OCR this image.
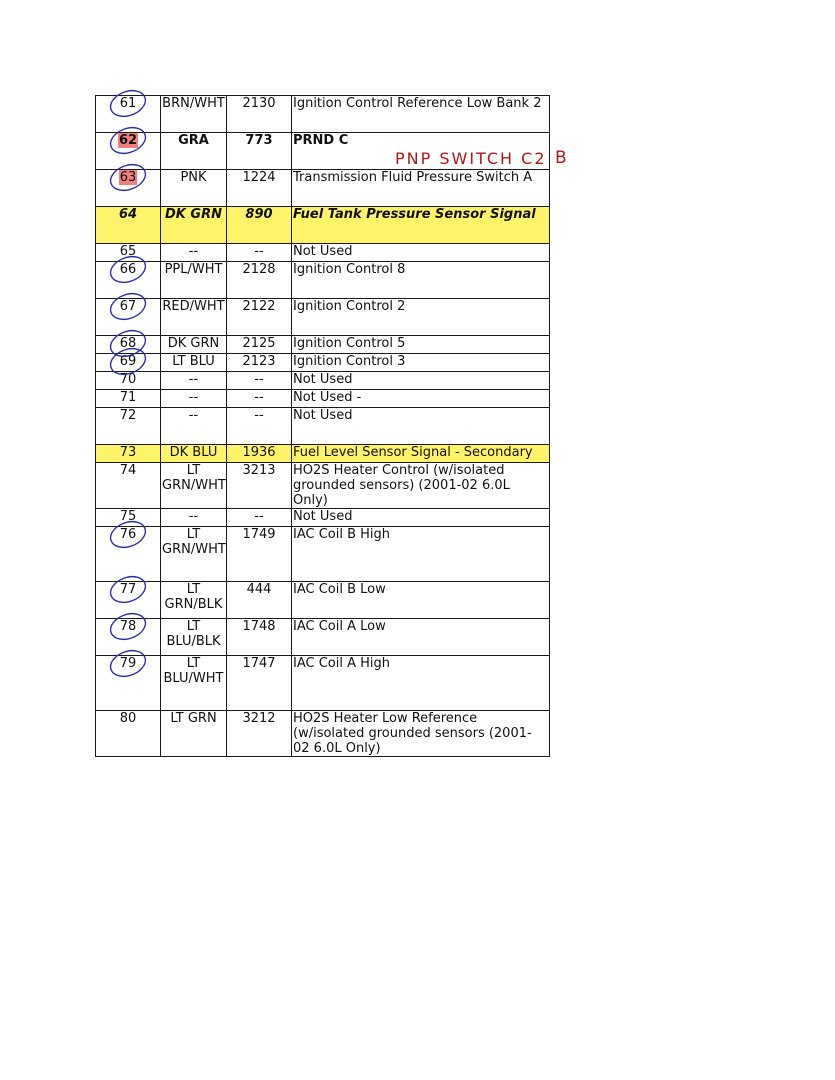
61	BRN/WHT	2130	Ignition Control Reference Low Bank 2
62	GRA	773	PRND C
63	PNK	1224	Transmission Fluid Pressure Switch A
64	DK GRN	890	Fuel Tank Pressure Sensor Signal
65	--	--	Not Used
66	PPL/WHT	2128	Ignition Control 8
67	RED/WHT	2122	Ignition Control 2
68	DK GRN	2125	Ignition Control 5
69	LT BLU	2123	Ignition Control 3
70	--	--	Not Used
71	--	--	Not Used -
72	--	--	Not Used
73	DK BLU	1936	Fuel Level Sensor Signal - Secondary
74	LT GRN/WHT	3213	HO2S Heater Control (w/isolated grounded sensors) (2001-02 6.0L Only)
75	--	--	Not Used
76	LT GRN/WHT	1749	IAC Coil B High
77	LT GRN/BLK	444	IAC Coil B Low
78	LT BLU/BLK	1748	IAC Coil A Low
79	LT BLU/WHT	1747	IAC Coil A High
80	LT GRN	3212	HO2S Heater Low Reference (w/isolated grounded sensors (2001-02 6.0L Only)
PNP SWITCH C2 B
